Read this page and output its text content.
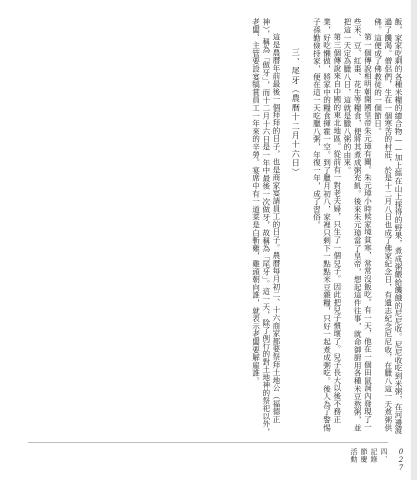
飯，家家吃剩的各種米糧的總合物——加上絲在山上採得的野果，煮成粥餵給饑餓的尼尼收。尼尼收吃到米粥，在河邊渡過了饑渴。僧侶們，生在一個寒苦的村莊，於是十二月八日也成了佛家紀念日，有遺志紀念尼尼收，在臘八這一天煮粥供佛。這便成了佛教徒的一個節日。

第一個傳說相明朝開國皇帝朱元璋有關。朱元璋小時候家境貧寒，常常沒飯吃。有一天，他在一個田鼠洞內發現了一些米、豆、紅棗、花生等糧食，便將其煮成粥充飢。後來朱元璋當了皇帝，想起這件往事，就命御廚用各種米豆熬粥，並把這一天定為臘八日，這就是臘八粥的由來。

第三個傳說來自中國的東北地區。從前有一對老夫婦，只生了一個兒子。因此把兒子慣壞了。兒子長大以後不務正業，好吃懶做，將家中的糧食揮霍一空。到了臘月初八，家裡只剩下一點點米豆雜糧，只好一起煮成粥吃。後人為了警惕子孫勤儉持家，便在這一天吃臘八粥，年復一年，成了習俗。

三、尾牙（農曆十二月十六日）

這是農曆年前最後一個拜拜的日子，也是商家宴請員工的日子。農曆每月初二、十六商家都要祭拜土地公（福德正神），稱為「做牙」，而十二月十六日是一年中最後一次做牙，故稱為「尾牙」。這一天，除了例行的對土地神的祭祀以外，老闆、主管要設宴犒賞員工一年來的辛勞。宴席中有一道菜是白斬雞，雞頭朝向誰，就表示老闆要解雇誰。

四、記錄節慶活動	027
